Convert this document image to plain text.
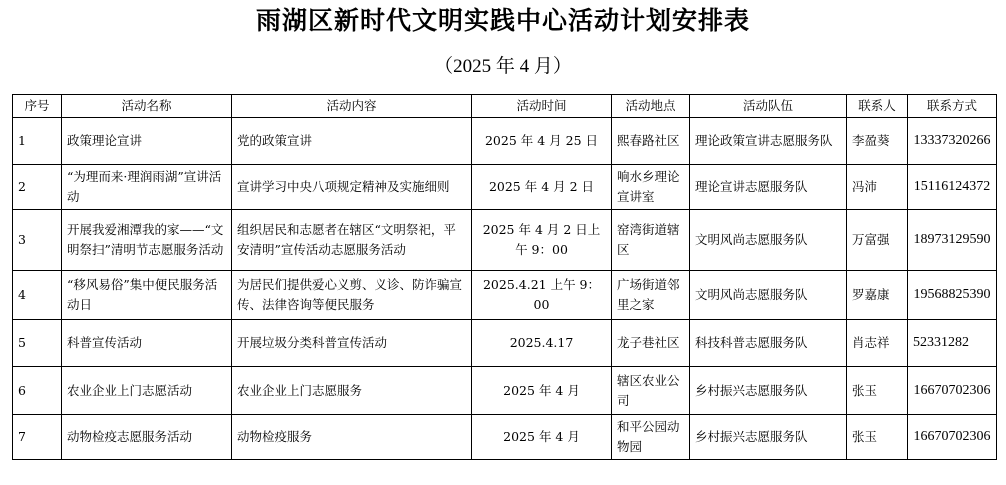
雨湖区新时代文明实践中心活动计划安排表
（2025 年 4 月）
序号	活动名称	活动内容	活动时间	活动地点	活动队伍	联系人	联系方式
1	政策理论宣讲	党的政策宣讲	2025 年 4 月 25 日	熙春路社区	理论政策宣讲志愿服务队	李盈葵	13337320266
2	“为理而来·理润雨湖”宣讲活动	宣讲学习中央八项规定精神及实施细则	2025 年 4 月 2 日	响水乡理论宣讲室	理论宣讲志愿服务队	冯沛	15116124372
3	开展我爱湘潭我的家——“文明祭扫”清明节志愿服务活动	组织居民和志愿者在辖区“文明祭祀，平安清明”宣传活动志愿服务活动	2025 年 4 月 2 日上午 9：00	窑湾街道辖区	文明风尚志愿服务队	万富强	18973129590
4	“移风易俗”集中便民服务活动日	为居民们提供爱心义剪、义诊、防诈骗宣传、法律咨询等便民服务	2025.4.21 上午 9：00	广场街道邻里之家	文明风尚志愿服务队	罗嘉康	19568825390
5	科普宣传活动	开展垃圾分类科普宣传活动	2025.4.17	龙子巷社区	科技科普志愿服务队	肖志祥	52331282
6	农业企业上门志愿活动	农业企业上门志愿服务	2025 年 4 月	辖区农业公司	乡村振兴志愿服务队	张玉	16670702306
7	动物检疫志愿服务活动	动物检疫服务	2025 年 4 月	和平公园动物园	乡村振兴志愿服务队	张玉	16670702306
